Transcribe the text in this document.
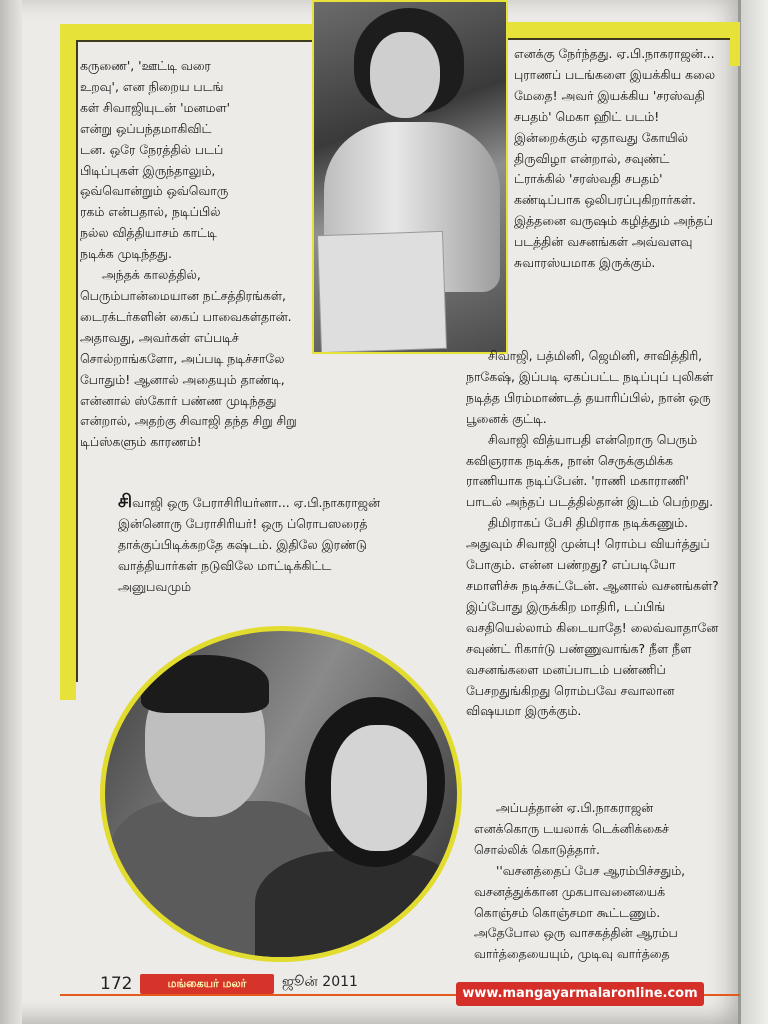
கருணை', 'ஊட்டி வரை

உறவு', என நிறைய படங்

கள் சிவாஜியுடன் 'மனமள'

என்று ஒப்பந்தமாகிவிட்

டன. ஒரே நேரத்தில் படப்

பிடிப்புகள் இருந்தாலும்,

ஒவ்வொன்றும் ஒவ்வொரு

ரகம் என்பதால், நடிப்பில்

நல்ல வித்தியாசம் காட்டி

நடிக்க முடிந்தது.

அந்தக் காலத்தில், பெரும்பான்மையான நட்சத்திரங்கள், டைரக்டர்களின் கைப் பாவைகள்தான். அதாவது, அவர்கள் எப்படிச் சொல்றாங்களோ, அப்படி நடிச்சாலே போதும்! ஆனால் அதையும் தாண்டி, என்னால் ஸ்கோர் பண்ண முடிந்தது என்றால், அதற்கு சிவாஜி தந்த சிறு சிறு டிப்ஸ்களும் காரணம்!

சிவாஜி ஒரு பேராசிரியர்னா... ஏ.பி.நாகராஜன் இன்னொரு பேராசிரியர்! ஒரு ப்ரொபஸரைத் தாக்குப்பிடிக்கறதே கஷ்டம். இதிலே இரண்டு வாத்தியார்கள் நடுவிலே மாட்டிக்கிட்ட அனுபவமும்

எனக்கு நேர்ந்தது. ஏ.பி.நாகராஜன்... புராணப் படங்களை இயக்கிய கலை மேதை! அவர் இயக்கிய 'சரஸ்வதி சபதம்' மெகா ஹிட் படம்! இன்றைக்கும் ஏதாவது கோயில் திருவிழா என்றால், சவுண்ட் ட்ராக்கில் 'சரஸ்வதி சபதம்' கண்டிப்பாக ஒலிபரப்புகிறார்கள். இத்தனை வருஷம் கழித்தும் அந்தப் படத்தின் வசனங்கள் அவ்வளவு சுவாரஸ்யமாக இருக்கும்.

சிவாஜி, பத்மினி, ஜெமினி, சாவித்திரி, நாகேஷ், இப்படி ஏகப்பட்ட நடிப்புப் புலிகள் நடித்த பிரம்மாண்டத் தயாரிப்பில், நான் ஒரு பூனைக் குட்டி.

சிவாஜி வித்யாபதி என்றொரு பெரும் கவிஞராக நடிக்க, நான் செருக்குமிக்க ராணியாக நடிப்பேன். 'ராணி மகாராணி' பாடல் அந்தப் படத்தில்தான் இடம் பெற்றது.

திமிராகப் பேசி திமிராக நடிக்கணும். அதுவும் சிவாஜி முன்பு! ரொம்ப வியர்த்துப் போகும். என்ன பண்றது? எப்படியோ சமாளிச்சு நடிச்சுட்டேன். ஆனால் வசனங்கள்? இப்போது இருக்கிற மாதிரி, டப்பிங் வசதியெல்லாம் கிடையாதே! லைவ்வாதானே சவுண்ட் ரிகார்டு பண்ணுவாங்க? நீள நீள வசனங்களை மனப்பாடம் பண்ணிப் பேசறதுங்கிறது ரொம்பவே சவாலான விஷயமா இருக்கும்.

அப்பத்தான் ஏ.பி.நாகராஜன் எனக்கொரு டயலாக் டெக்னிக்கைச் சொல்லிக் கொடுத்தார்.

''வசனத்தைப் பேச ஆரம்பிச்சதும், வசனத்துக்கான முகபாவனையைக் கொஞ்சம் கொஞ்சமா கூட்டணும். அதேபோல ஒரு வாசகத்தின் ஆரம்ப வார்த்தையையும், முடிவு வார்த்தை

172	மங்கையர் மலர்	ஜூன் 2011
www.mangayarmalaronline.com
